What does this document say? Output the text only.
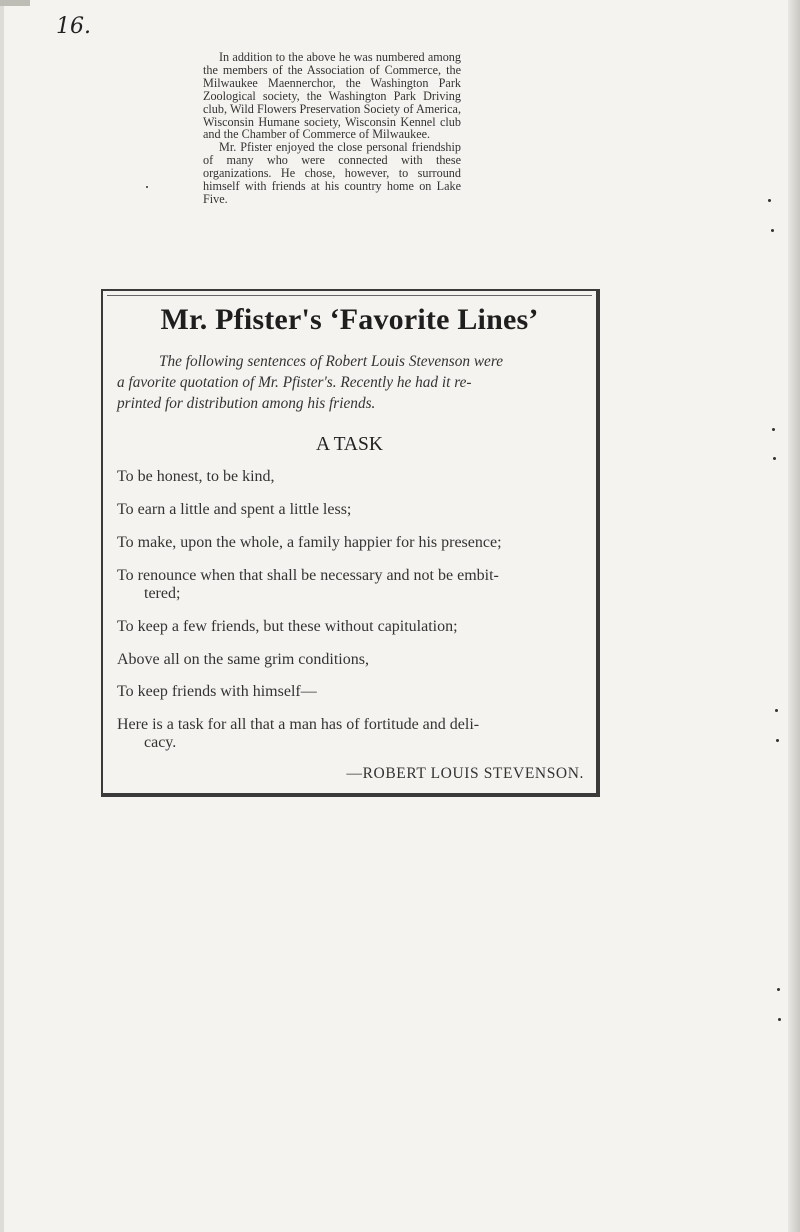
16.

In addition to the above he was numbered among the members of the Association of Commerce, the Milwaukee Maennerchor, the Washington Park Zoological society, the Washington Park Driving club, Wild Flowers Preservation Society of America, Wisconsin Humane society, Wisconsin Kennel club and the Chamber of Commerce of Milwaukee.

Mr. Pfister enjoyed the close personal friendship of many who were connected with these organizations. He chose, however, to surround himself with friends at his country home on Lake Five.

Mr. Pfister's ‘Favorite Lines’
The following sentences of Robert Louis Stevenson were
a favorite quotation of Mr. Pfister's. Recently he had it re-
printed for distribution among his friends.
A TASK
To be honest, to be kind,
To earn a little and spent a little less;
To make, upon the whole, a family happier for his presence;
To renounce when that shall be necessary and not be embit-
tered;
To keep a few friends, but these without capitulation;
Above all on the same grim conditions,
To keep friends with himself—
Here is a task for all that a man has of fortitude and deli-
cacy.
—ROBERT LOUIS STEVENSON.
